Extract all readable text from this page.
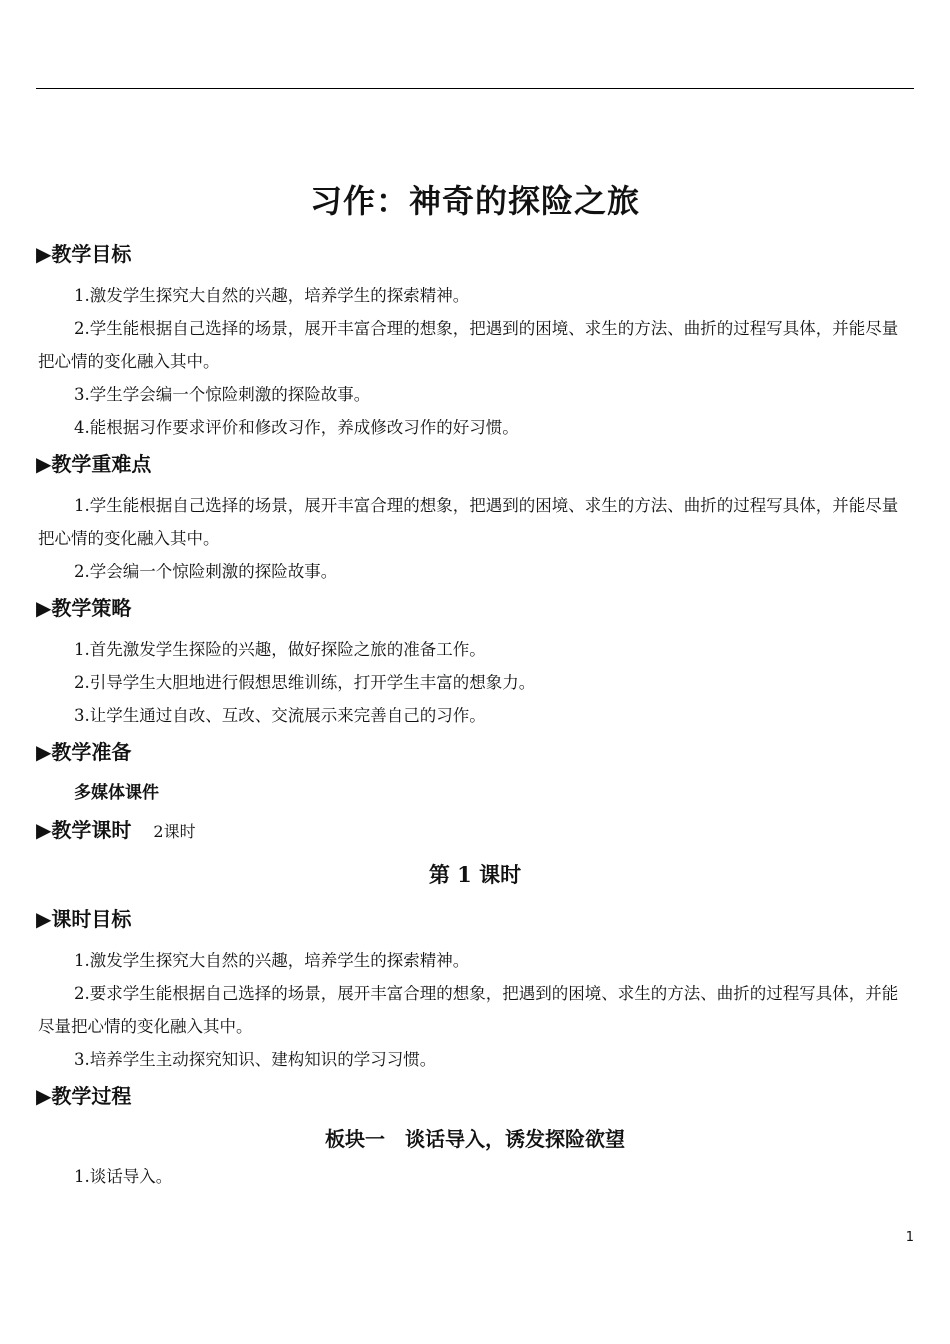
习作：神奇的探险之旅
▶教学目标
1.激发学生探究大自然的兴趣，培养学生的探索精神。
2.学生能根据自己选择的场景，展开丰富合理的想象，把遇到的困境、求生的方法、曲折的过程写具体，并能尽量把心情的变化融入其中。
3.学生学会编一个惊险刺激的探险故事。
4.能根据习作要求评价和修改习作，养成修改习作的好习惯。
▶教学重难点
1.学生能根据自己选择的场景，展开丰富合理的想象，把遇到的困境、求生的方法、曲折的过程写具体，并能尽量把心情的变化融入其中。
2.学会编一个惊险刺激的探险故事。
▶教学策略
1.首先激发学生探险的兴趣，做好探险之旅的准备工作。
2.引导学生大胆地进行假想思维训练，打开学生丰富的想象力。
3.让学生通过自改、互改、交流展示来完善自己的习作。
▶教学准备
多媒体课件
▶教学课时 2课时
第 1 课时
▶课时目标
1.激发学生探究大自然的兴趣，培养学生的探索精神。
2.要求学生能根据自己选择的场景，展开丰富合理的想象，把遇到的困境、求生的方法、曲折的过程写具体，并能尽量把心情的变化融入其中。
3.培养学生主动探究知识、建构知识的学习习惯。
▶教学过程
板块一　谈话导入，诱发探险欲望
1.谈话导入。
1
